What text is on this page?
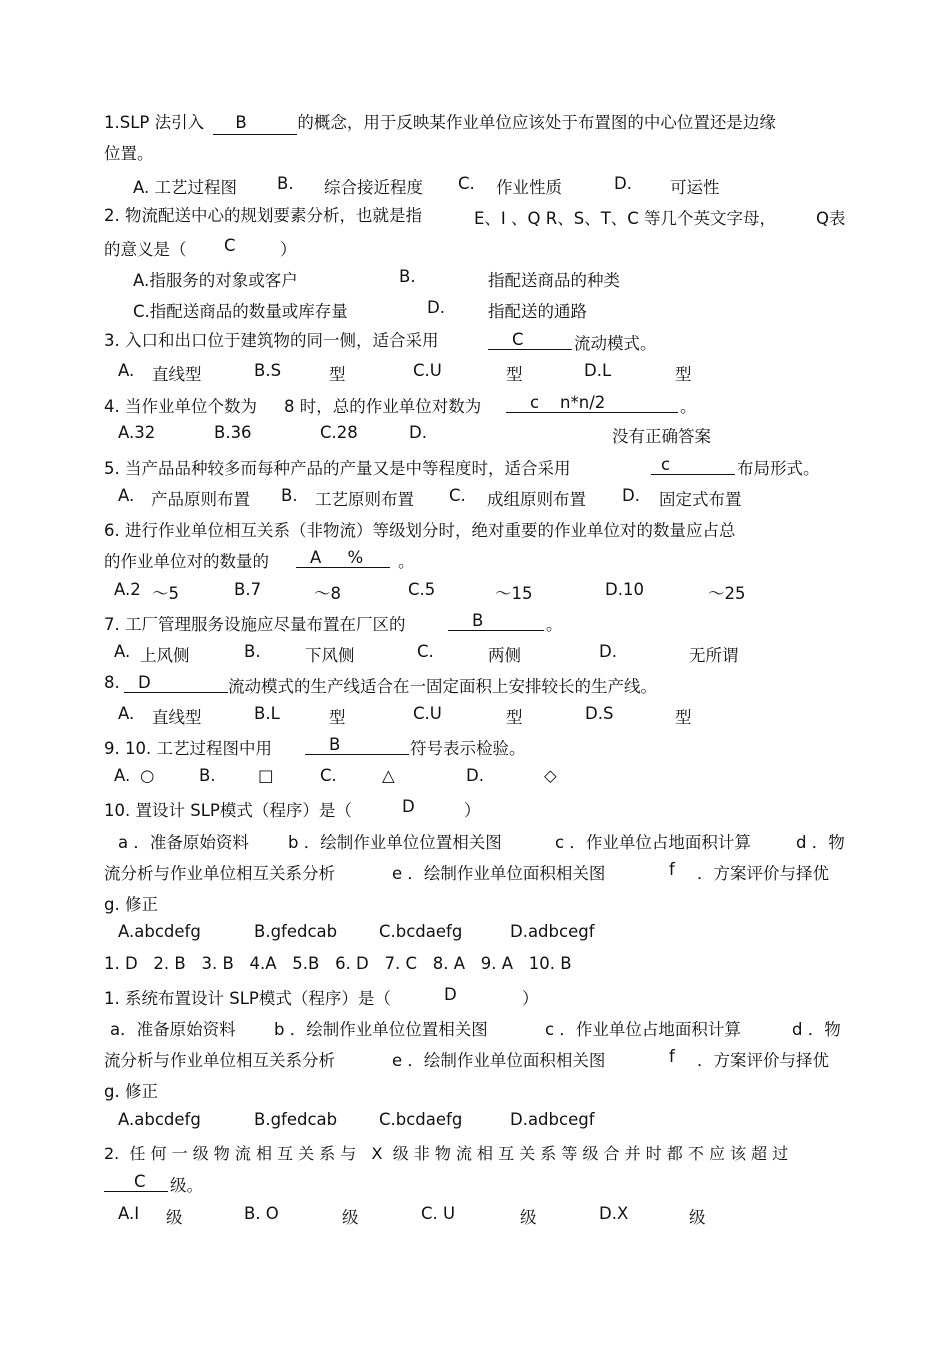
1.SLP 法引入 B	的概念，用于反映某作业单位应该处于布置图的中心位置还是边缘
位置。
A. 工艺过程图 B. 综合接近程度 C. 作业性质	D. 可运性
2. 物流配送中心的规划要素分析，也就是指	E、I 、Q R、S、T、C 等几个英文字母， Q表
的意义是（ C	）
A.指服务的对象或客户	B.	指配送商品的种类
C.指配送商品的数量或库存量	D.	指配送的通路
3. 入口和出口位于建筑物的同一侧，适合采用	C	流动模式。
A. 直线型	B.S	型	C.U	型	D.L	型
4. 当作业单位个数为 8 时，总的作业单位对数为	c    n*n/2	。
A.32	B.36	C.28	D.	没有正确答案
5. 当产品品种较多而每种产品的产量又是中等程度时，适合采用	c	布局形式。
A. 产品原则布置 B. 工艺原则布置 C. 成组原则布置 D. 固定式布置
6. 进行作业单位相互关系（非物流）等级划分时，绝对重要的作业单位对的数量应占总
的作业单位对的数量的	A     %	。
A.2 ～5	B.7	～8	C.5	～15	D.10	～25
7. 工厂管理服务设施应尽量布置在厂区的	B	。
A. 上风侧	B.	下风侧	C.	两侧	D.	无所谓
8.	D	流动模式的生产线适合在一固定面积上安排较长的生产线。
A. 直线型	B.L	型	C.U	型	D.S	型
9. 10. 工艺过程图中用	B	符号表示检验。
A. ○	B.	□	C.	△	D.	◇
10. 置设计 SLP模式（程序）是（	D	）
a ．准备原始资料 b ．绘制作业单位位置相关图	c ．作业单位占地面积计算	d ．物
流分析与作业单位相互关系分析	e ．绘制作业单位面积相关图	f ．方案评价与择优
g. 修正
A.abcdefg	B.gfedcab	C.bcdaefg	D.adbcegf
1. D   2. B   3. B   4.A   5.B   6. D   7. C   8. A   9. A   10. B
1. 系统布置设计 SLP模式（程序）是（	D	）
a．准备原始资料 b ．绘制作业单位位置相关图	c ．作业单位占地面积计算	d ．物
流分析与作业单位相互关系分析	e ．绘制作业单位面积相关图	f ．方案评价与择优
g. 修正
A.abcdefg	B.gfedcab	C.bcdaefg	D.adbcegf
2.  任 何 一 级 物 流 相 互 关 系 与   X  级 非 物 流 相 互 关 系 等 级 合 并 时 都 不 应 该 超 过
C	级。
A.I 级	B. O	级	C. U	级	D.X	级
